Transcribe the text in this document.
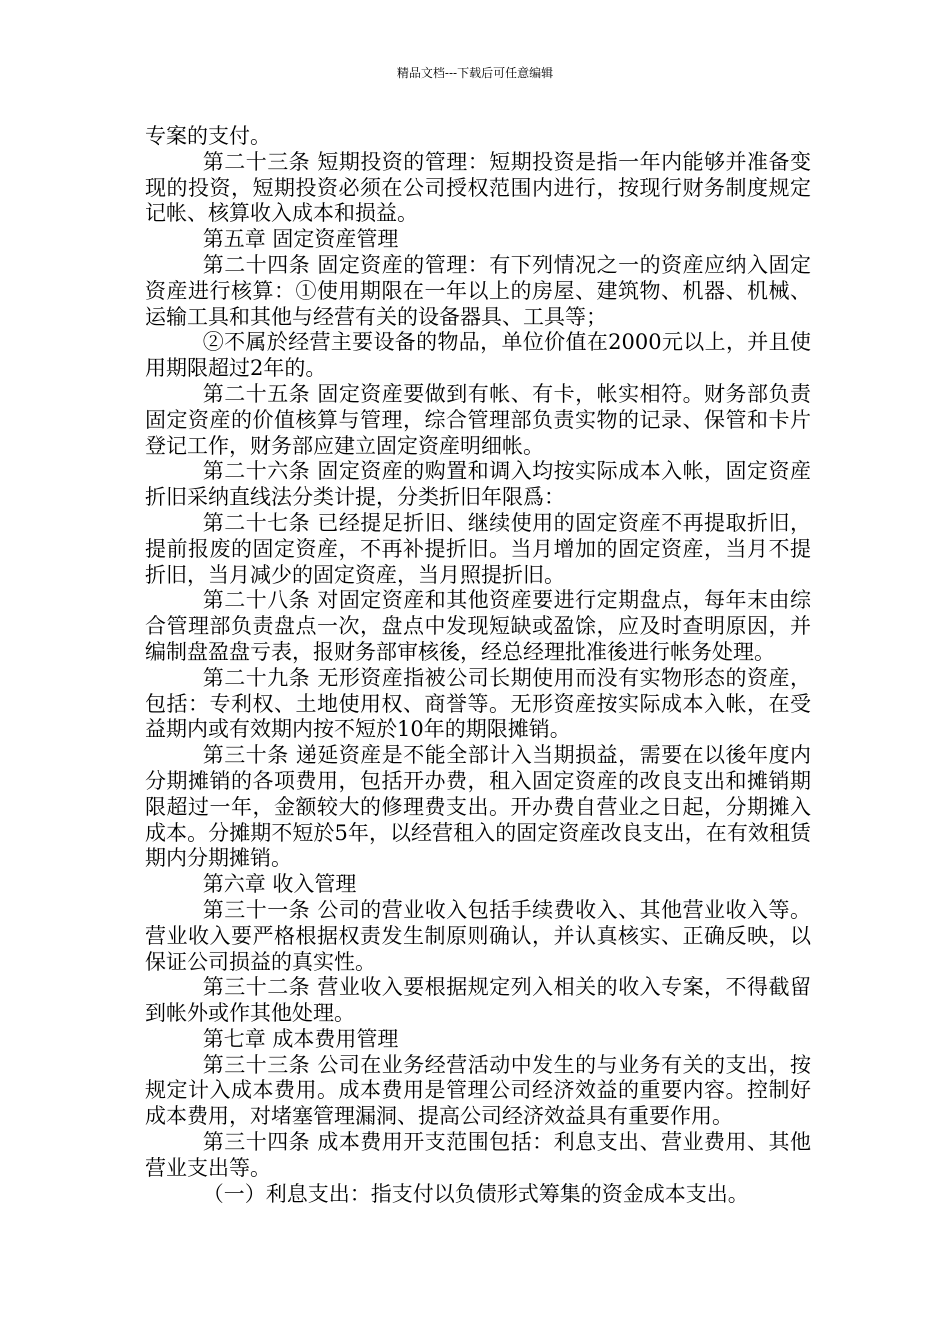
精品文档---下载后可任意编辑

专案的支付。

第二十三条 短期投资的管理：短期投资是指一年内能够并准备变现的投资，短期投资必须在公司授权范围内进行，按现行财务制度规定记帐、核算收入成本和损益。

第五章 固定资産管理

第二十四条 固定资産的管理：有下列情况之一的资産应纳入固定资産进行核算：①使用期限在一年以上的房屋、建筑物、机器、机械、运输工具和其他与经营有关的设备器具、工具等；

②不属於经营主要设备的物品，单位价值在2000元以上，并且使用期限超过2年的。

第二十五条 固定资産要做到有帐、有卡，帐实相符。财务部负责固定资産的价值核算与管理，综合管理部负责实物的记录、保管和卡片登记工作，财务部应建立固定资産明细帐。

第二十六条 固定资産的购置和调入均按实际成本入帐，固定资産折旧采纳直线法分类计提，分类折旧年限爲：

第二十七条 已经提足折旧、继续使用的固定资産不再提取折旧，提前报废的固定资産，不再补提折旧。当月增加的固定资産，当月不提折旧，当月减少的固定资産，当月照提折旧。

第二十八条 对固定资産和其他资産要进行定期盘点，每年末由综合管理部负责盘点一次，盘点中发现短缺或盈馀，应及时查明原因，并编制盘盈盘亏表，报财务部审核後，经总经理批准後进行帐务处理。

第二十九条 无形资産指被公司长期使用而没有实物形态的资産，包括：专利权、土地使用权、商誉等。无形资産按实际成本入帐，在受益期内或有效期内按不短於10年的期限摊销。

第三十条 递延资産是不能全部计入当期损益，需要在以後年度内分期摊销的各项费用，包括开办费，租入固定资産的改良支出和摊销期限超过一年，金额较大的修理费支出。开办费自营业之日起，分期摊入成本。分摊期不短於5年，以经营租入的固定资産改良支出，在有效租赁期内分期摊销。

第六章 收入管理

第三十一条 公司的营业收入包括手续费收入、其他营业收入等。营业收入要严格根据权责发生制原则确认，并认真核实、正确反映，以保证公司损益的真实性。

第三十二条 营业收入要根据规定列入相关的收入专案，不得截留到帐外或作其他处理。

第七章 成本费用管理

第三十三条 公司在业务经营活动中发生的与业务有关的支出，按规定计入成本费用。成本费用是管理公司经济效益的重要内容。控制好成本费用，对堵塞管理漏洞、提高公司经济效益具有重要作用。

第三十四条 成本费用开支范围包括：利息支出、营业费用、其他营业支出等。

（一）利息支出：指支付以负债形式筹集的资金成本支出。
